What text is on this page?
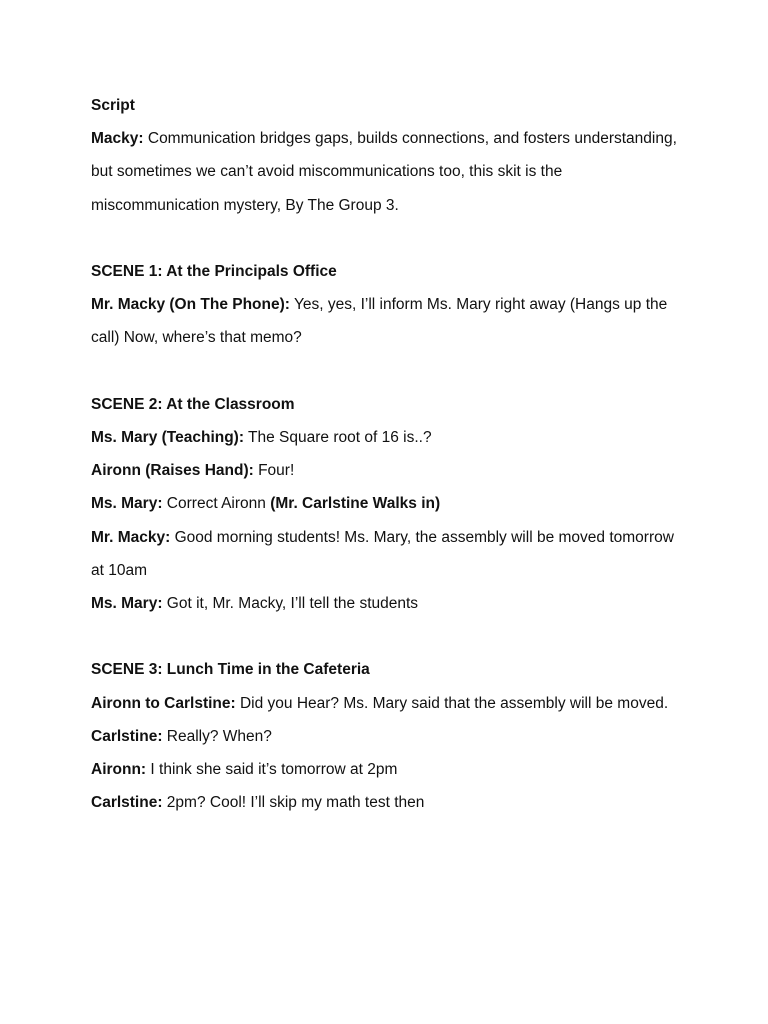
Script

Macky: Communication bridges gaps, builds connections, and fosters understanding, but sometimes we can’t avoid miscommunications too, this skit is the miscommunication mystery, By The Group 3.

SCENE 1: At the Principals Office

Mr. Macky (On The Phone): Yes, yes, I’ll inform Ms. Mary right away (Hangs up the call) Now, where’s that memo?

SCENE 2: At the Classroom

Ms. Mary (Teaching): The Square root of 16 is..?

Aironn (Raises Hand): Four!

Ms. Mary: Correct Aironn (Mr. Carlstine Walks in)

Mr. Macky: Good morning students! Ms. Mary, the assembly will be moved tomorrow at 10am

Ms. Mary: Got it, Mr. Macky, I’ll tell the students

SCENE 3: Lunch Time in the Cafeteria

Aironn to Carlstine: Did you Hear? Ms. Mary said that the assembly will be moved.

Carlstine: Really? When?

Aironn: I think she said it’s tomorrow at 2pm

Carlstine: 2pm? Cool! I’ll skip my math test then
